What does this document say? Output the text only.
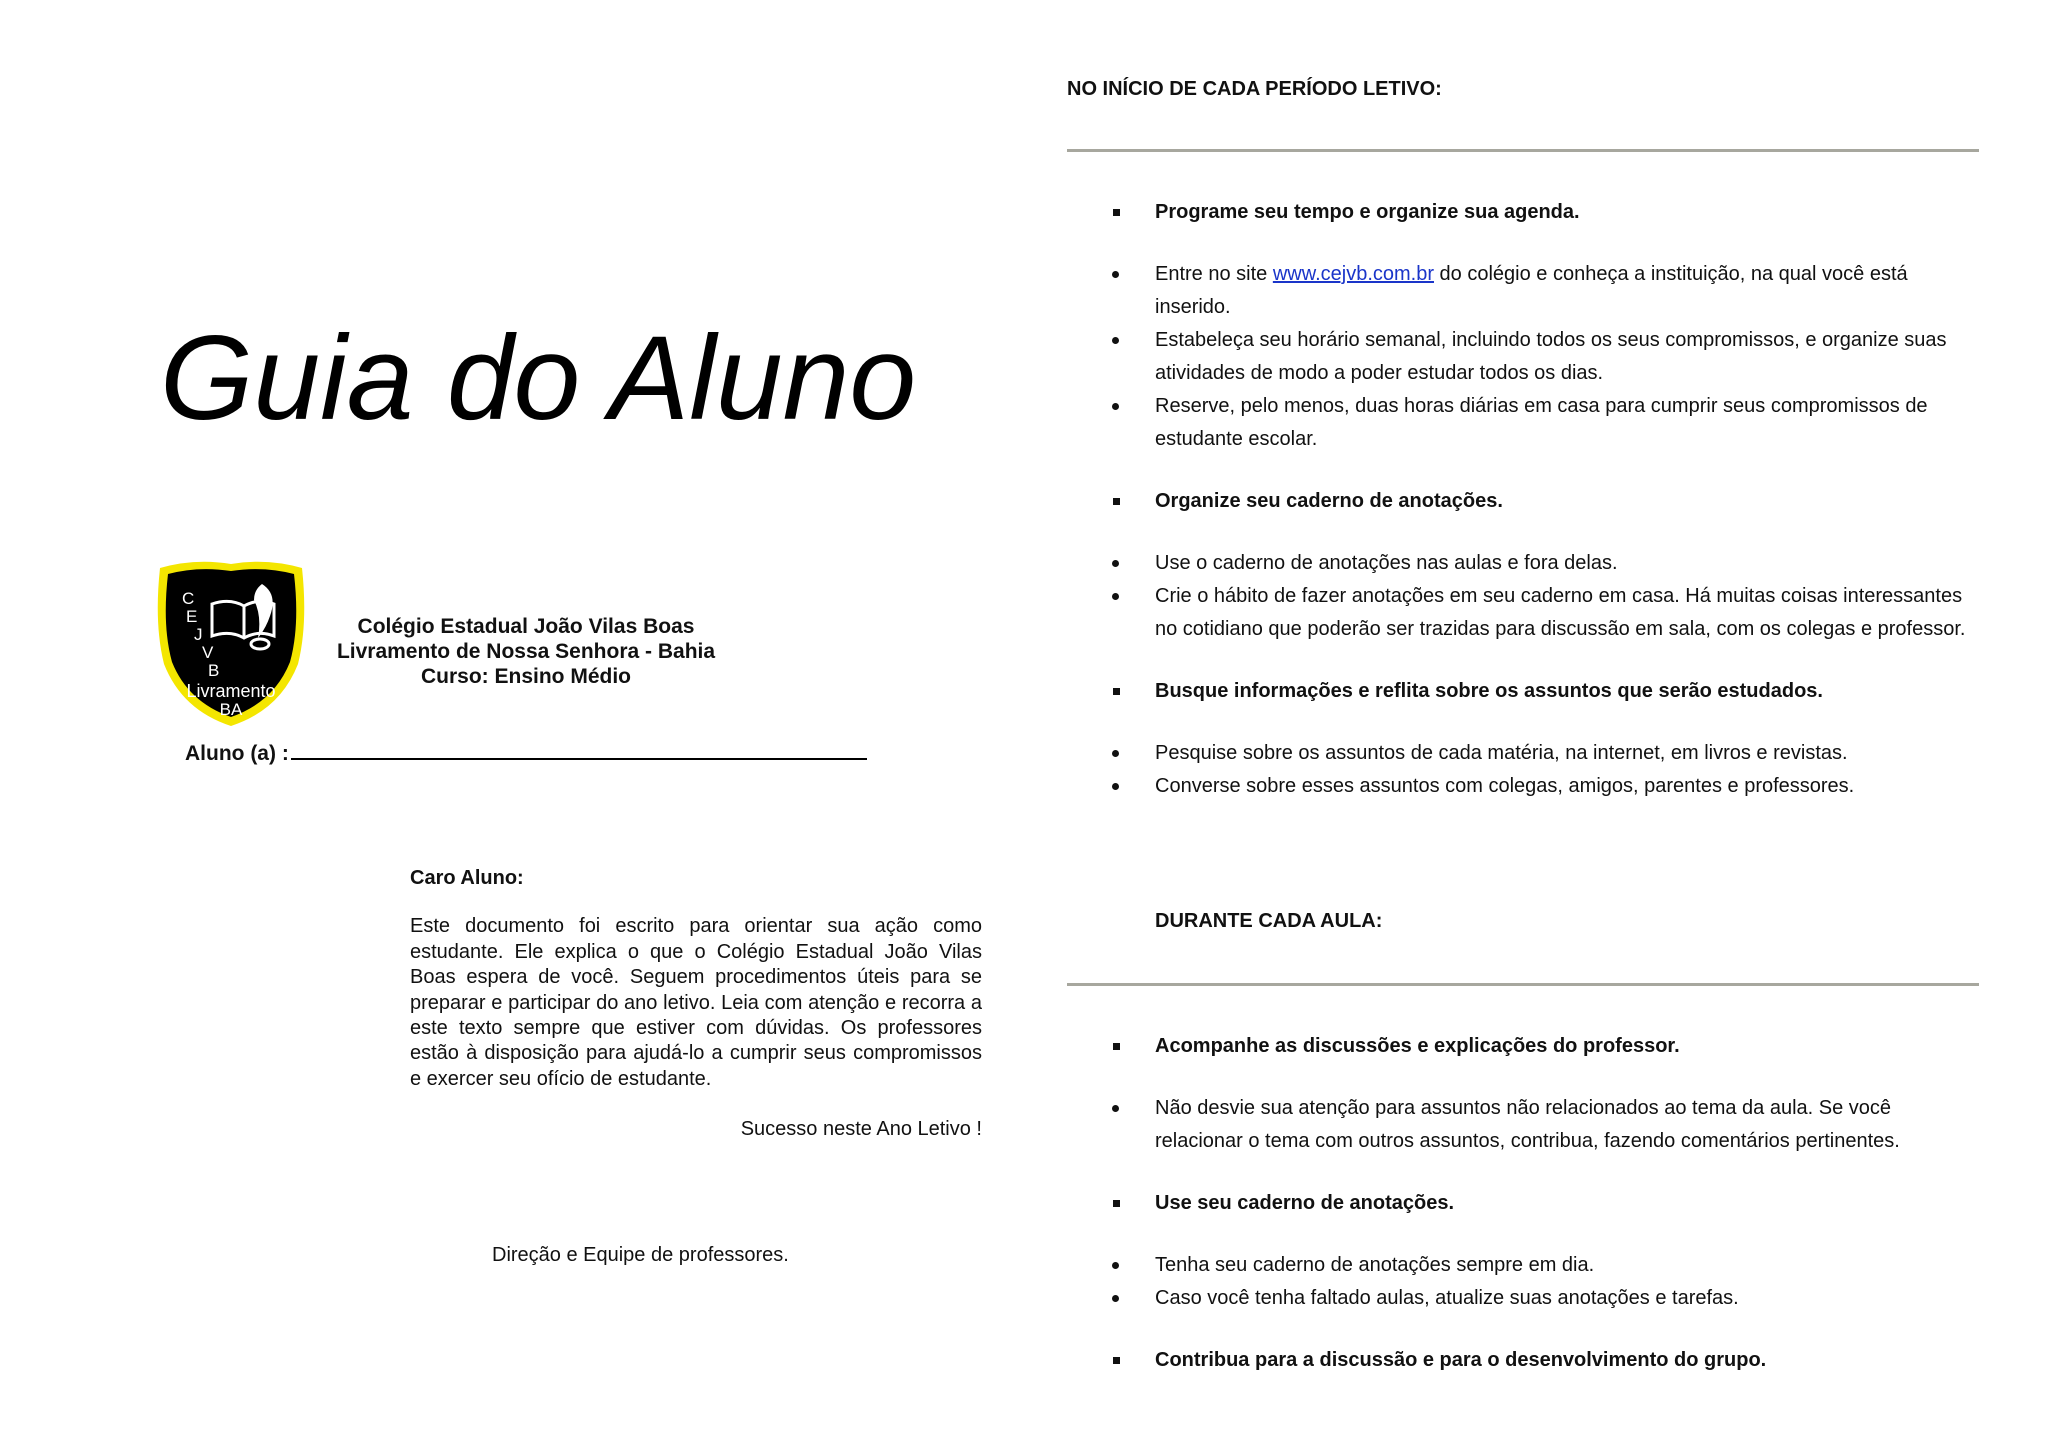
Guia do Aluno
C
E
J
V
B
Livramento
BA
Colégio Estadual João Vilas Boas
Livramento de Nossa Senhora - Bahia
Curso: Ensino Médio
Aluno (a) :
Caro Aluno:
Este documento foi escrito para orientar sua ação como estudante. Ele explica o que o Colégio Estadual João Vilas Boas espera de você. Seguem procedimentos úteis para se preparar e participar do ano letivo. Leia com atenção e recorra a este texto sempre que estiver com dúvidas. Os professores estão à disposição para ajudá-lo a cumprir seus compromissos e exercer seu ofício de estudante.
Sucesso neste Ano Letivo !
Direção e Equipe de professores.
NO INÍCIO DE CADA PERÍODO LETIVO:
Programe seu tempo e organize sua agenda.
Entre no site www.cejvb.com.br do colégio e conheça a instituição, na qual você está inserido.
Estabeleça seu horário semanal, incluindo todos os seus compromissos, e organize suas atividades de modo a poder estudar todos os dias.
Reserve, pelo menos, duas horas diárias em casa para cumprir seus compromissos de estudante escolar.
Organize seu caderno de anotações.
Use o caderno de anotações nas aulas e fora delas.
Crie o hábito de fazer anotações em seu caderno em casa. Há muitas coisas interessantes no cotidiano que poderão ser trazidas para discussão em sala, com os colegas e professor.
Busque informações e reflita sobre os assuntos que serão estudados.
Pesquise sobre os assuntos de cada matéria, na internet, em livros e revistas.
Converse sobre esses assuntos com colegas, amigos, parentes e professores.
DURANTE CADA AULA:
Acompanhe as discussões e explicações do professor.
Não desvie sua atenção para assuntos não relacionados ao tema da aula. Se você relacionar o tema com outros assuntos, contribua, fazendo comentários pertinentes.
Use seu caderno de anotações.
Tenha seu caderno de anotações sempre em dia.
Caso você tenha faltado aulas, atualize suas anotações e tarefas.
Contribua para a discussão e para o desenvolvimento do grupo.
